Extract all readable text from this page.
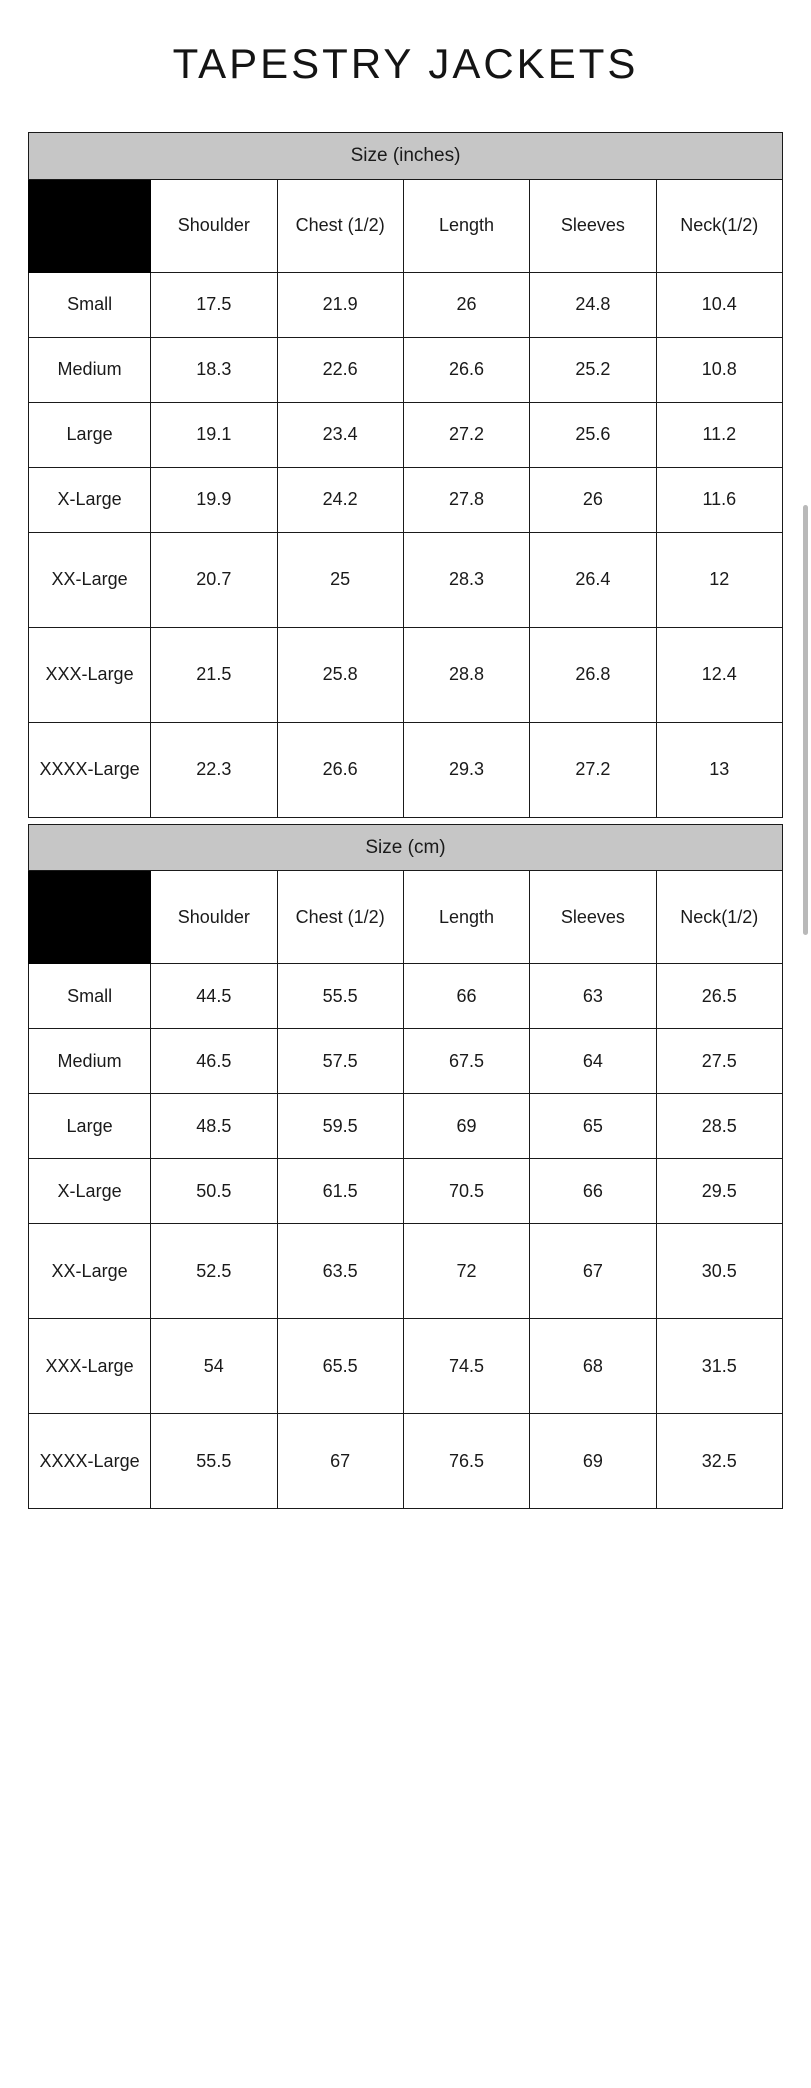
TAPESTRY JACKETS
Size (inches)					
	Shoulder	Chest (1/2)	Length	Sleeves	Neck(1/2)
Small	17.5	21.9	26	24.8	10.4
Medium	18.3	22.6	26.6	25.2	10.8
Large	19.1	23.4	27.2	25.6	11.2
X-Large	19.9	24.2	27.8	26	11.6
XX-Large	20.7	25	28.3	26.4	12
XXX-Large	21.5	25.8	28.8	26.8	12.4
XXXX-Large	22.3	26.6	29.3	27.2	13
Size (cm)					
	Shoulder	Chest (1/2)	Length	Sleeves	Neck(1/2)
Small	44.5	55.5	66	63	26.5
Medium	46.5	57.5	67.5	64	27.5
Large	48.5	59.5	69	65	28.5
X-Large	50.5	61.5	70.5	66	29.5
XX-Large	52.5	63.5	72	67	30.5
XXX-Large	54	65.5	74.5	68	31.5
XXXX-Large	55.5	67	76.5	69	32.5
